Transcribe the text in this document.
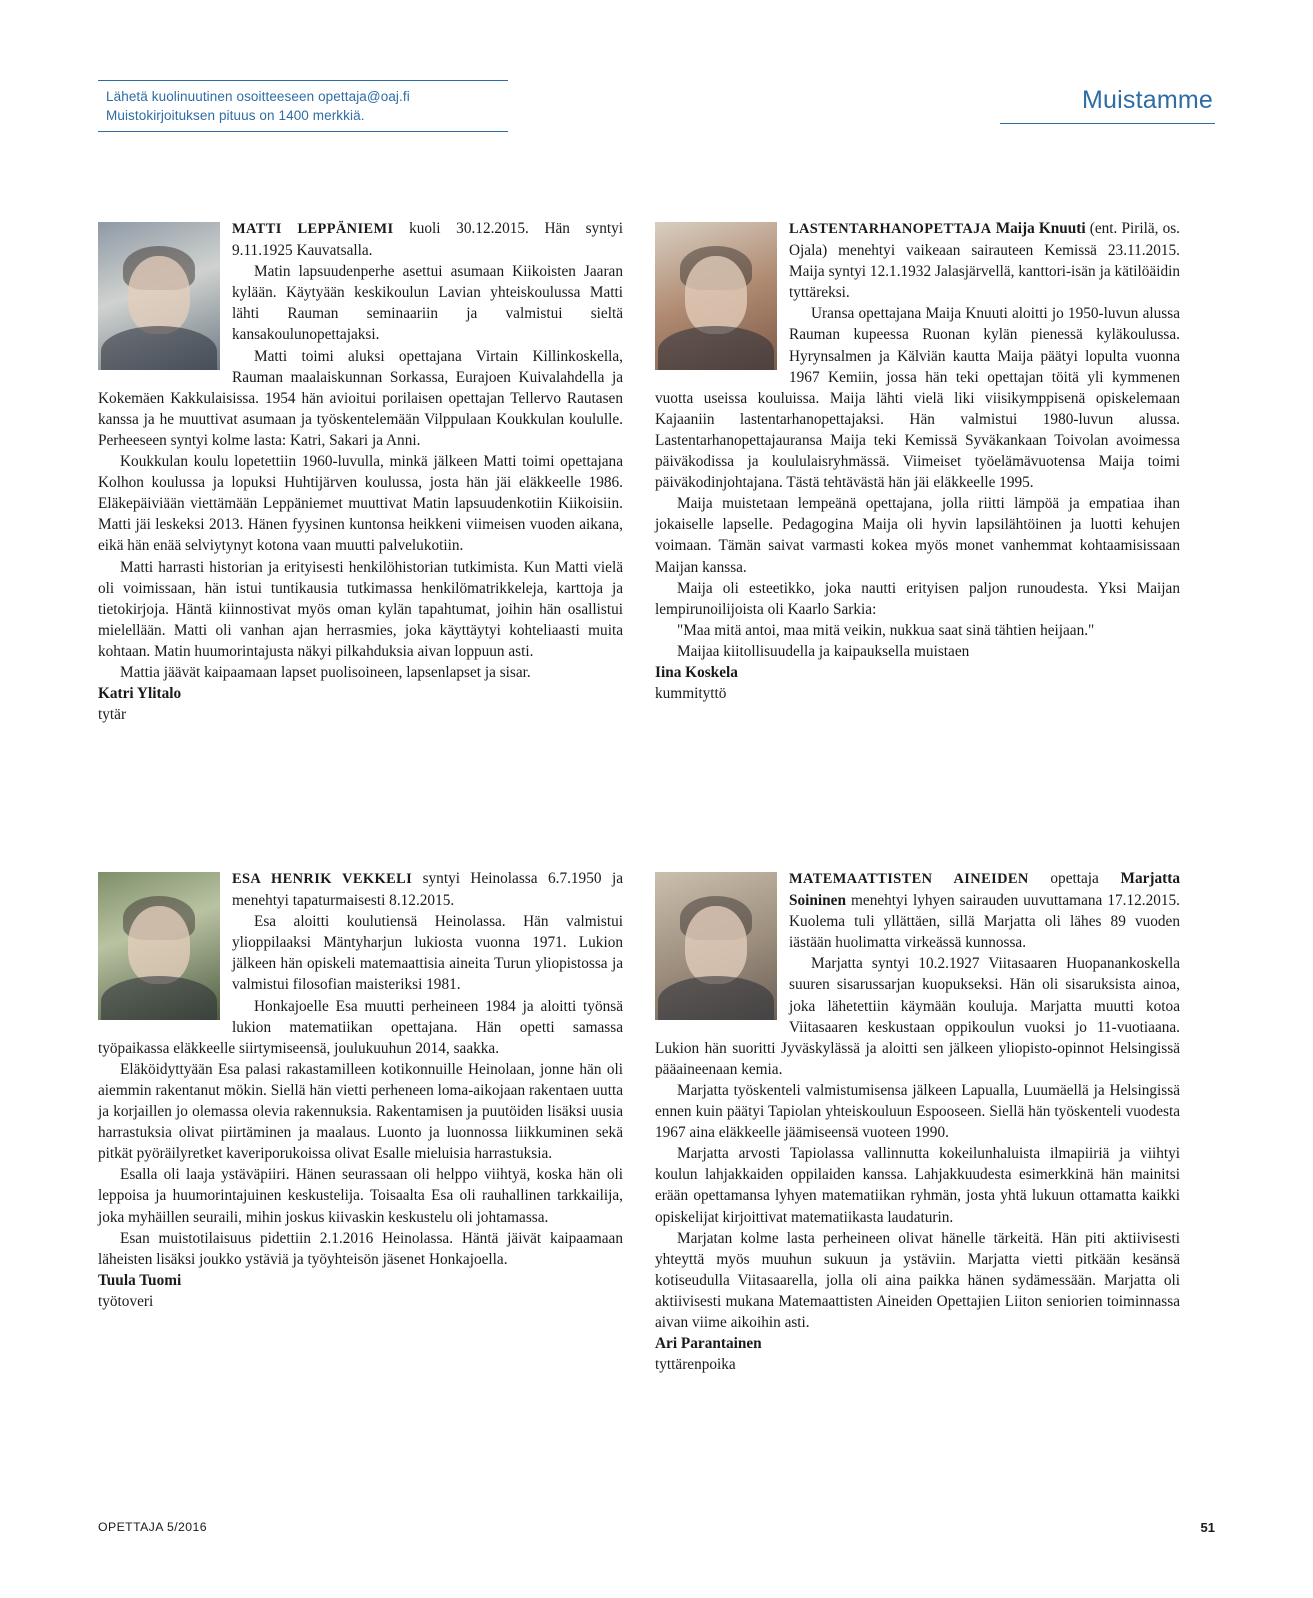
Lähetä kuolinuutinen osoitteeseen opettaja@oaj.fi
Muistokirjoituksen pituus on 1400 merkkiä.
Muistamme

MATTI LEPPÄNIEMI kuoli 30.12.2015. Hän syntyi 9.11.1925 Kauvatsalla.

Matin lapsuudenperhe asettui asumaan Kiikoisten Jaaran kylään. Käytyään keskikoulun Lavian yhteiskoulussa Matti lähti Rauman seminaariin ja valmistui sieltä kansakoulunopettajaksi.

Matti toimi aluksi opettajana Virtain Killinkoskella, Rauman maalaiskunnan Sorkassa, Eurajoen Kuivalahdella ja Kokemäen Kakkulaisissa. 1954 hän avioitui porilaisen opettajan Tellervo Rautasen kanssa ja he muuttivat asumaan ja työskentelemään Vilppulaan Koukkulan koululle. Perheeseen syntyi kolme lasta: Katri, Sakari ja Anni.

Koukkulan koulu lopetettiin 1960-luvulla, minkä jälkeen Matti toimi opettajana Kolhon koulussa ja lopuksi Huhtijärven koulussa, josta hän jäi eläkkeelle 1986. Eläkepäiviään viettämään Leppäniemet muuttivat Matin lapsuudenkotiin Kiikoisiin. Matti jäi leskeksi 2013. Hänen fyysinen kuntonsa heikkeni viimeisen vuoden aikana, eikä hän enää selviytynyt kotona vaan muutti palvelukotiin.

Matti harrasti historian ja erityisesti henkilöhistorian tutkimista. Kun Matti vielä oli voimissaan, hän istui tuntikausia tutkimassa henkilömatrikkeleja, karttoja ja tietokirjoja. Häntä kiinnostivat myös oman kylän tapahtumat, joihin hän osallistui mielellään. Matti oli vanhan ajan herrasmies, joka käyttäytyi kohteliaasti muita kohtaan. Matin huumorintajusta näkyi pilkahduksia aivan loppuun asti.

Mattia jäävät kaipaamaan lapset puolisoineen, lapsenlapset ja sisar.

Katri Ylitalo

tytär

LASTENTARHANOPETTAJA Maija Knuuti (ent. Pirilä, os. Ojala) menehtyi vaikeaan sairauteen Kemissä 23.11.2015. Maija syntyi 12.1.1932 Jalasjärvellä, kanttori-isän ja kätilöäidin tyttäreksi.

Uransa opettajana Maija Knuuti aloitti jo 1950-luvun alussa Rauman kupeessa Ruonan kylän pienessä kyläkoulussa. Hyrynsalmen ja Kälviän kautta Maija päätyi lopulta vuonna 1967 Kemiin, jossa hän teki opettajan töitä yli kymmenen vuotta useissa kouluissa. Maija lähti vielä liki viisikymppisenä opiskelemaan Kajaaniin lastentarhanopettajaksi. Hän valmistui 1980-luvun alussa. Lastentarhanopettajauransa Maija teki Kemissä Syväkankaan Toivolan avoimessa päiväkodissa ja koululaisryhmässä. Viimeiset työelämävuotensa Maija toimi päiväkodinjohtajana. Tästä tehtävästä hän jäi eläkkeelle 1995.

Maija muistetaan lempeänä opettajana, jolla riitti lämpöä ja empatiaa ihan jokaiselle lapselle. Pedagogina Maija oli hyvin lapsilähtöinen ja luotti kehujen voimaan. Tämän saivat varmasti kokea myös monet vanhemmat kohtaamisissaan Maijan kanssa.

Maija oli esteetikko, joka nautti erityisen paljon runoudesta. Yksi Maijan lempirunoilijoista oli Kaarlo Sarkia:

"Maa mitä antoi, maa mitä veikin, nukkua saat sinä tähtien heijaan."

Maijaa kiitollisuudella ja kaipauksella muistaen

Iina Koskela

kummityttö

ESA HENRIK VEKKELI syntyi Heinolassa 6.7.1950 ja menehtyi tapaturmaisesti 8.12.2015.

Esa aloitti koulutiensä Heinolassa. Hän valmistui ylioppilaaksi Mäntyharjun lukiosta vuonna 1971. Lukion jälkeen hän opiskeli matemaattisia aineita Turun yliopistossa ja valmistui filosofian maisteriksi 1981.

Honkajoelle Esa muutti perheineen 1984 ja aloitti työnsä lukion matematiikan opettajana. Hän opetti samassa työpaikassa eläkkeelle siirtymiseensä, joulukuuhun 2014, saakka.

Eläköidyttyään Esa palasi rakastamilleen kotikonnuille Heinolaan, jonne hän oli aiemmin rakentanut mökin. Siellä hän vietti perheneen loma-aikojaan rakentaen uutta ja korjaillen jo olemassa olevia rakennuksia. Rakentamisen ja puutöiden lisäksi uusia harrastuksia olivat piirtäminen ja maalaus. Luonto ja luonnossa liikkuminen sekä pitkät pyöräilyretket kaveriporukoissa olivat Esalle mieluisia harrastuksia.

Esalla oli laaja ystäväpiiri. Hänen seurassaan oli helppo viihtyä, koska hän oli leppoisa ja huumorintajuinen keskustelija. Toisaalta Esa oli rauhallinen tarkkailija, joka myhäillen seuraili, mihin joskus kiivaskin keskustelu oli johtamassa.

Esan muistotilaisuus pidettiin 2.1.2016 Heinolassa. Häntä jäivät kaipaamaan läheisten lisäksi joukko ystäviä ja työyhteisön jäsenet Honkajoella.

Tuula Tuomi

työtoveri

MATEMAATTISTEN AINEIDEN opettaja Marjatta Soininen menehtyi lyhyen sairauden uuvuttamana 17.12.2015. Kuolema tuli yllättäen, sillä Marjatta oli lähes 89 vuoden iästään huolimatta virkeässä kunnossa.

Marjatta syntyi 10.2.1927 Viitasaaren Huopanankoskella suuren sisarussarjan kuopukseksi. Hän oli sisaruksista ainoa, joka lähetettiin käymään kouluja. Marjatta muutti kotoa Viitasaaren keskustaan oppikoulun vuoksi jo 11-vuotiaana. Lukion hän suoritti Jyväskylässä ja aloitti sen jälkeen yliopisto-opinnot Helsingissä pääaineenaan kemia.

Marjatta työskenteli valmistumisensa jälkeen Lapualla, Luumäellä ja Helsingissä ennen kuin päätyi Tapiolan yhteiskouluun Espooseen. Siellä hän työskenteli vuodesta 1967 aina eläkkeelle jäämiseensä vuoteen 1990.

Marjatta arvosti Tapiolassa vallinnutta kokeilunhaluista ilmapiiriä ja viihtyi koulun lahjakkaiden oppilaiden kanssa. Lahjakkuudesta esimerkkinä hän mainitsi erään opettamansa lyhyen matematiikan ryhmän, josta yhtä lukuun ottamatta kaikki opiskelijat kirjoittivat matematiikasta laudaturin.

Marjatan kolme lasta perheineen olivat hänelle tärkeitä. Hän piti aktiivisesti yhteyttä myös muuhun sukuun ja ystäviin. Marjatta vietti pitkään kesänsä kotiseudulla Viitasaarella, jolla oli aina paikka hänen sydämessään. Marjatta oli aktiivisesti mukana Matemaattisten Aineiden Opettajien Liiton seniorien toiminnassa aivan viime aikoihin asti.

Ari Parantainen

tyttärenpoika

OPETTAJA 5/2016	51
